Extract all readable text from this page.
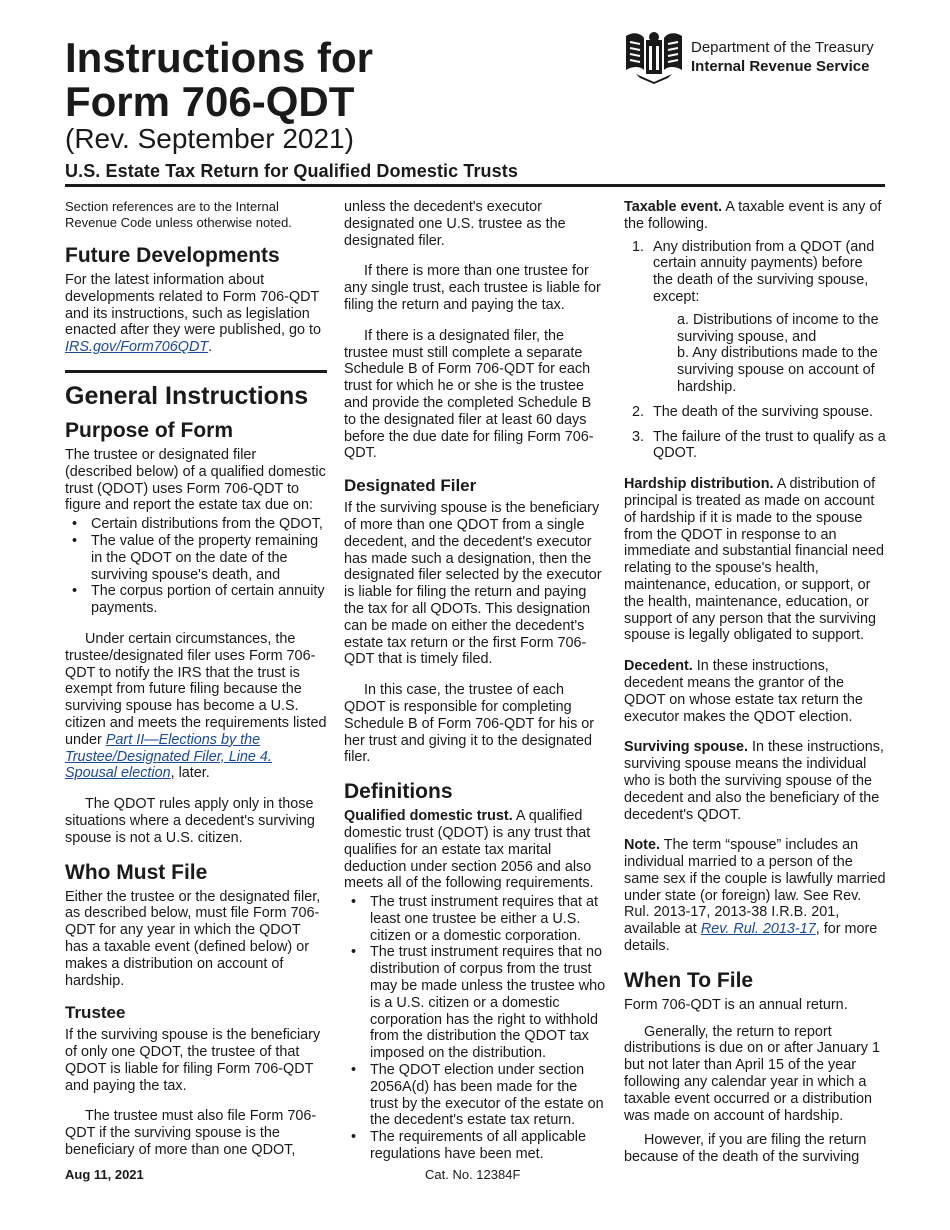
Instructions for
Form 706-QDT
(Rev. September 2021)
U.S. Estate Tax Return for Qualified Domestic Trusts
Department of the Treasury
Internal Revenue Service

Section references are to the Internal Revenue Code unless otherwise noted.

Future Developments

For the latest information about developments related to Form 706-QDT and its instructions, such as legislation enacted after they were published, go to IRS.gov/Form706QDT.

General Instructions
Purpose of Form

The trustee or designated filer (described below) of a qualified domestic trust (QDOT) uses Form 706-QDT to figure and report the estate tax due on:

• Certain distributions from the QDOT,
• The value of the property remaining in the QDOT on the date of the surviving spouse's death, and
• The corpus portion of certain annuity payments.

Under certain circumstances, the trustee/designated filer uses Form 706-QDT to notify the IRS that the trust is exempt from future filing because the surviving spouse has become a U.S. citizen and meets the requirements listed under Part II—Elections by the Trustee/Designated Filer, Line 4. Spousal election, later.

The QDOT rules apply only in those situations where a decedent's surviving spouse is not a U.S. citizen.

Who Must File

Either the trustee or the designated filer, as described below, must file Form 706-QDT for any year in which the QDOT has a taxable event (defined below) or makes a distribution on account of hardship.

Trustee

If the surviving spouse is the beneficiary of only one QDOT, the trustee of that QDOT is liable for filing Form 706-QDT and paying the tax.

The trustee must also file Form 706-QDT if the surviving spouse is the beneficiary of more than one QDOT,

unless the decedent's executor designated one U.S. trustee as the designated filer.

If there is more than one trustee for any single trust, each trustee is liable for filing the return and paying the tax.

If there is a designated filer, the trustee must still complete a separate Schedule B of Form 706-QDT for each trust for which he or she is the trustee and provide the completed Schedule B to the designated filer at least 60 days before the due date for filing Form 706-QDT.

Designated Filer

If the surviving spouse is the beneficiary of more than one QDOT from a single decedent, and the decedent's executor has made such a designation, then the designated filer selected by the executor is liable for filing the return and paying the tax for all QDOTs. This designation can be made on either the decedent's estate tax return or the first Form 706-QDT that is timely filed.

In this case, the trustee of each QDOT is responsible for completing Schedule B of Form 706-QDT for his or her trust and giving it to the designated filer.

Definitions

Qualified domestic trust. A qualified domestic trust (QDOT) is any trust that qualifies for an estate tax marital deduction under section 2056 and also meets all of the following requirements.

• The trust instrument requires that at least one trustee be either a U.S. citizen or a domestic corporation.
• The trust instrument requires that no distribution of corpus from the trust may be made unless the trustee who is a U.S. citizen or a domestic corporation has the right to withhold from the distribution the QDOT tax imposed on the distribution.
• The QDOT election under section 2056A(d) has been made for the trust by the executor of the estate on the decedent's estate tax return.
• The requirements of all applicable regulations have been met.

Taxable event. A taxable event is any of the following.

1. Any distribution from a QDOT (and certain annuity payments) before the death of the surviving spouse, except:
a. Distributions of income to the surviving spouse, and
b. Any distributions made to the surviving spouse on account of hardship.
2. The death of the surviving spouse.
3. The failure of the trust to qualify as a QDOT.

Hardship distribution. A distribution of principal is treated as made on account of hardship if it is made to the spouse from the QDOT in response to an immediate and substantial financial need relating to the spouse's health, maintenance, education, or support, or the health, maintenance, education, or support of any person that the surviving spouse is legally obligated to support.

Decedent. In these instructions, decedent means the grantor of the QDOT on whose estate tax return the executor makes the QDOT election.

Surviving spouse. In these instructions, surviving spouse means the individual who is both the surviving spouse of the decedent and also the beneficiary of the decedent's QDOT.

Note. The term “spouse” includes an individual married to a person of the same sex if the couple is lawfully married under state (or foreign) law. See Rev. Rul. 2013-17, 2013-38 I.R.B. 201, available at Rev. Rul. 2013-17, for more details.

When To File

Form 706-QDT is an annual return.

Generally, the return to report distributions is due on or after January 1 but not later than April 15 of the year following any calendar year in which a taxable event occurred or a distribution was made on account of hardship.

However, if you are filing the return because of the death of the surviving

Aug 11, 2021	Cat. No. 12384F
